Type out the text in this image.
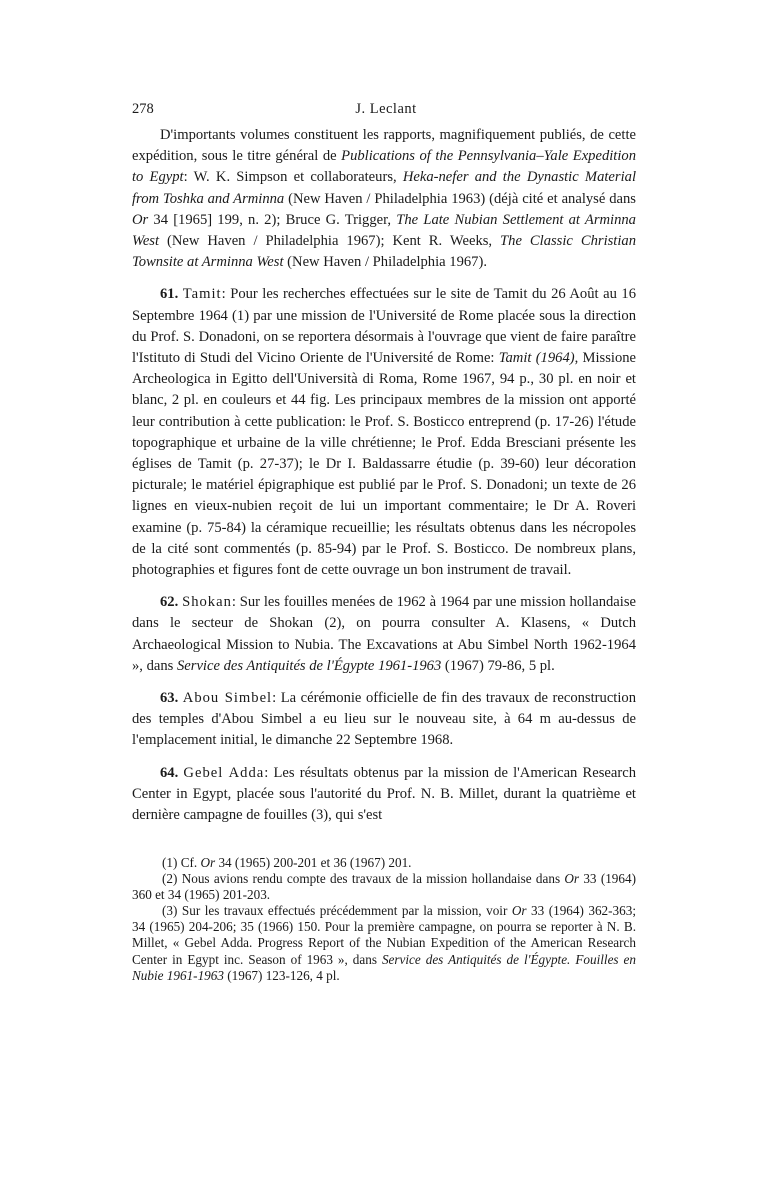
278	J. Leclant

D'importants volumes constituent les rapports, magnifiquement publiés, de cette expédition, sous le titre général de Publications of the Pennsylvania–Yale Expedition to Egypt: W. K. Simpson et collaborateurs, Heka-nefer and the Dynastic Material from Toshka and Arminna (New Haven / Philadelphia 1963) (déjà cité et analysé dans Or 34 [1965] 199, n. 2); Bruce G. Trigger, The Late Nubian Settlement at Arminna West (New Haven / Philadelphia 1967); Kent R. Weeks, The Classic Christian Townsite at Arminna West (New Haven / Philadelphia 1967).

61. Tamit: Pour les recherches effectuées sur le site de Tamit du 26 Août au 16 Septembre 1964 (1) par une mission de l'Université de Rome placée sous la direction du Prof. S. Donadoni, on se reportera désormais à l'ouvrage que vient de faire paraître l'Istituto di Studi del Vicino Oriente de l'Université de Rome: Tamit (1964), Missione Archeologica in Egitto dell'Università di Roma, Rome 1967, 94 p., 30 pl. en noir et blanc, 2 pl. en couleurs et 44 fig. Les principaux membres de la mission ont apporté leur contribution à cette publication: le Prof. S. Bosticco entreprend (p. 17-26) l'étude topographique et urbaine de la ville chrétienne; le Prof. Edda Bresciani présente les églises de Tamit (p. 27-37); le Dr I. Baldassarre étudie (p. 39-60) leur décoration picturale; le matériel épigraphique est publié par le Prof. S. Donadoni; un texte de 26 lignes en vieux-nubien reçoit de lui un important commentaire; le Dr A. Roveri examine (p. 75-84) la céramique recueillie; les résultats obtenus dans les nécropoles de la cité sont commentés (p. 85-94) par le Prof. S. Bosticco. De nombreux plans, photographies et figures font de cette ouvrage un bon instrument de travail.

62. Shokan: Sur les fouilles menées de 1962 à 1964 par une mission hollandaise dans le secteur de Shokan (2), on pourra consulter A. Klasens, « Dutch Archaeological Mission to Nubia. The Excavations at Abu Simbel North 1962-1964 », dans Service des Antiquités de l'Égypte 1961-1963 (1967) 79-86, 5 pl.

63. Abou Simbel: La cérémonie officielle de fin des travaux de reconstruction des temples d'Abou Simbel a eu lieu sur le nouveau site, à 64 m au-dessus de l'emplacement initial, le dimanche 22 Septembre 1968.

64. Gebel Adda: Les résultats obtenus par la mission de l'American Research Center in Egypt, placée sous l'autorité du Prof. N. B. Millet, durant la quatrième et dernière campagne de fouilles (3), qui s'est

(1) Cf. Or 34 (1965) 200-201 et 36 (1967) 201.

(2) Nous avions rendu compte des travaux de la mission hollandaise dans Or 33 (1964) 360 et 34 (1965) 201-203.

(3) Sur les travaux effectués précédemment par la mission, voir Or 33 (1964) 362-363; 34 (1965) 204-206; 35 (1966) 150. Pour la première campagne, on pourra se reporter à N. B. Millet, « Gebel Adda. Progress Report of the Nubian Expedition of the American Research Center in Egypt inc. Season of 1963 », dans Service des Antiquités de l'Égypte. Fouilles en Nubie 1961-1963 (1967) 123-126, 4 pl.
